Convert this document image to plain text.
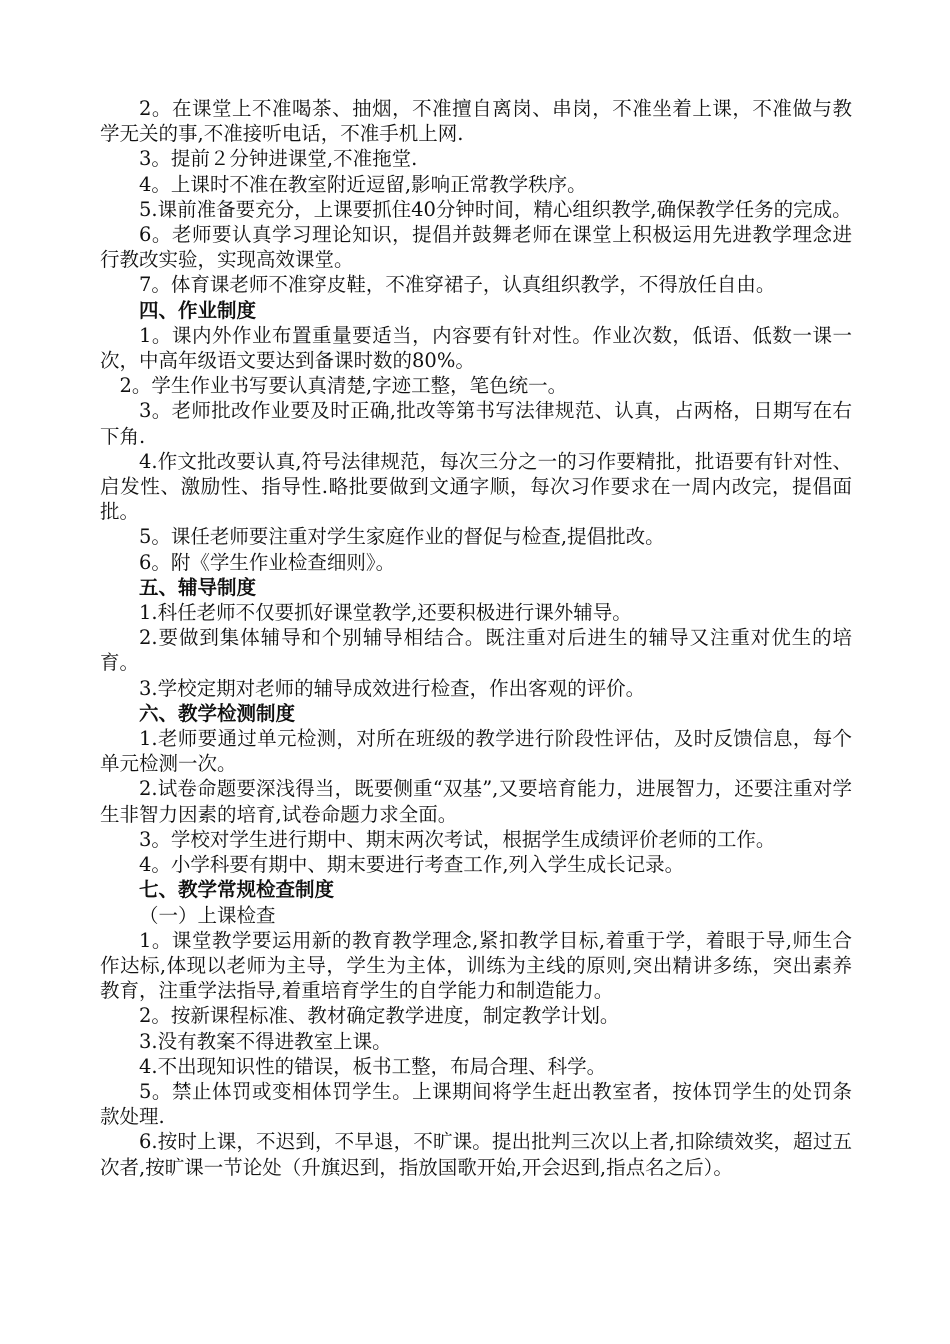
2。在课堂上不准喝茶、抽烟，不准擅自离岗、串岗，不准坐着上课，不准做与教学无关的事,不准接听电话，不准手机上网.

3。提前２分钟进课堂,不准拖堂.

4。上课时不准在教室附近逗留,影响正常教学秩序。

5.课前准备要充分，上课要抓住40分钟时间，精心组织教学,确保教学任务的完成。

6。老师要认真学习理论知识，提倡并鼓舞老师在课堂上积极运用先进教学理念进行教改实验，实现高效课堂。

7。体育课老师不准穿皮鞋，不准穿裙子，认真组织教学，不得放任自由。

四、作业制度

1。课内外作业布置重量要适当，内容要有针对性。作业次数，低语、低数一课一次，中高年级语文要达到备课时数的80%。

2。学生作业书写要认真清楚,字迹工整，笔色统一。

3。老师批改作业要及时正确,批改等第书写法律规范、认真，占两格，日期写在右下角.

4.作文批改要认真,符号法律规范，每次三分之一的习作要精批，批语要有针对性、启发性、激励性、指导性.略批要做到文通字顺，每次习作要求在一周内改完，提倡面批。

5。课任老师要注重对学生家庭作业的督促与检查,提倡批改。

6。附《学生作业检查细则》。

五、辅导制度

1.科任老师不仅要抓好课堂教学,还要积极进行课外辅导。

2.要做到集体辅导和个别辅导相结合。既注重对后进生的辅导又注重对优生的培育。

3.学校定期对老师的辅导成效进行检查，作出客观的评价。

六、教学检测制度

1.老师要通过单元检测，对所在班级的教学进行阶段性评估，及时反馈信息，每个单元检测一次。

2.试卷命题要深浅得当，既要侧重“双基”,又要培育能力，进展智力，还要注重对学生非智力因素的培育,试卷命题力求全面。

3。学校对学生进行期中、期末两次考试，根据学生成绩评价老师的工作。

4。小学科要有期中、期末要进行考查工作,列入学生成长记录。

七、教学常规检查制度

（一）上课检查

1。课堂教学要运用新的教育教学理念,紧扣教学目标,着重于学，着眼于导,师生合作达标,体现以老师为主导，学生为主体，训练为主线的原则,突出精讲多练，突出素养教育，注重学法指导,着重培育学生的自学能力和制造能力。

2。按新课程标准、教材确定教学进度，制定教学计划。

3.没有教案不得进教室上课。

4.不出现知识性的错误，板书工整，布局合理、科学。

5。禁止体罚或变相体罚学生。上课期间将学生赶出教室者，按体罚学生的处罚条款处理.

6.按时上课，不迟到，不早退，不旷课。提出批判三次以上者,扣除绩效奖，超过五次者,按旷课一节论处（升旗迟到，指放国歌开始,开会迟到,指点名之后）。
